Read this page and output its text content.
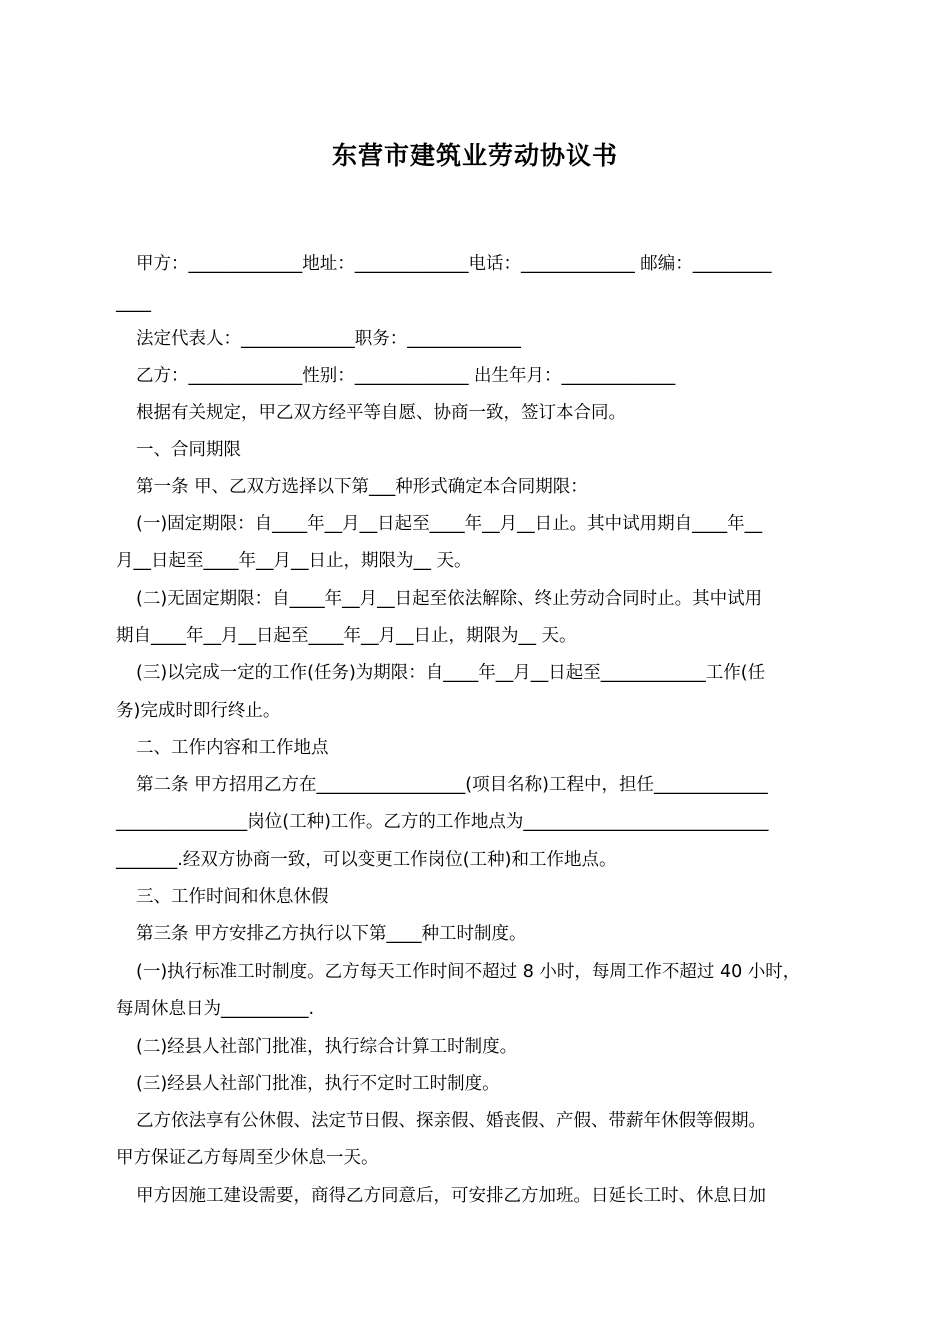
东营市建筑业劳动协议书
甲方：_____________地址：_____________电话：_____________ 邮编：_________
____
法定代表人：_____________职务：_____________
乙方：_____________性别：_____________ 出生年月：_____________
根据有关规定，甲乙双方经平等自愿、协商一致，签订本合同。
一、合同期限
第一条 甲、乙双方选择以下第___种形式确定本合同期限：
(一)固定期限：自____年__月__日起至____年__月__日止。其中试用期自____年__
月__日起至____年__月__日止，期限为__ 天。
(二)无固定期限：自____年__月__日起至依法解除、终止劳动合同时止。其中试用
期自____年__月__日起至____年__月__日止，期限为__ 天。
(三)以完成一定的工作(任务)为期限：自____年__月__日起至____________工作(任
务)完成时即行终止。
二、工作内容和工作地点
第二条 甲方招用乙方在_________________(项目名称)工程中，担任_____________
_______________岗位(工种)工作。乙方的工作地点为____________________________
_______.经双方协商一致，可以变更工作岗位(工种)和工作地点。
三、工作时间和休息休假
第三条 甲方安排乙方执行以下第____种工时制度。
(一)执行标准工时制度。乙方每天工作时间不超过 8 小时，每周工作不超过 40 小时，
每周休息日为__________.
(二)经县人社部门批准，执行综合计算工时制度。
(三)经县人社部门批准，执行不定时工时制度。
乙方依法享有公休假、法定节日假、探亲假、婚丧假、产假、带薪年休假等假期。
甲方保证乙方每周至少休息一天。
甲方因施工建设需要，商得乙方同意后，可安排乙方加班。日延长工时、休息日加
